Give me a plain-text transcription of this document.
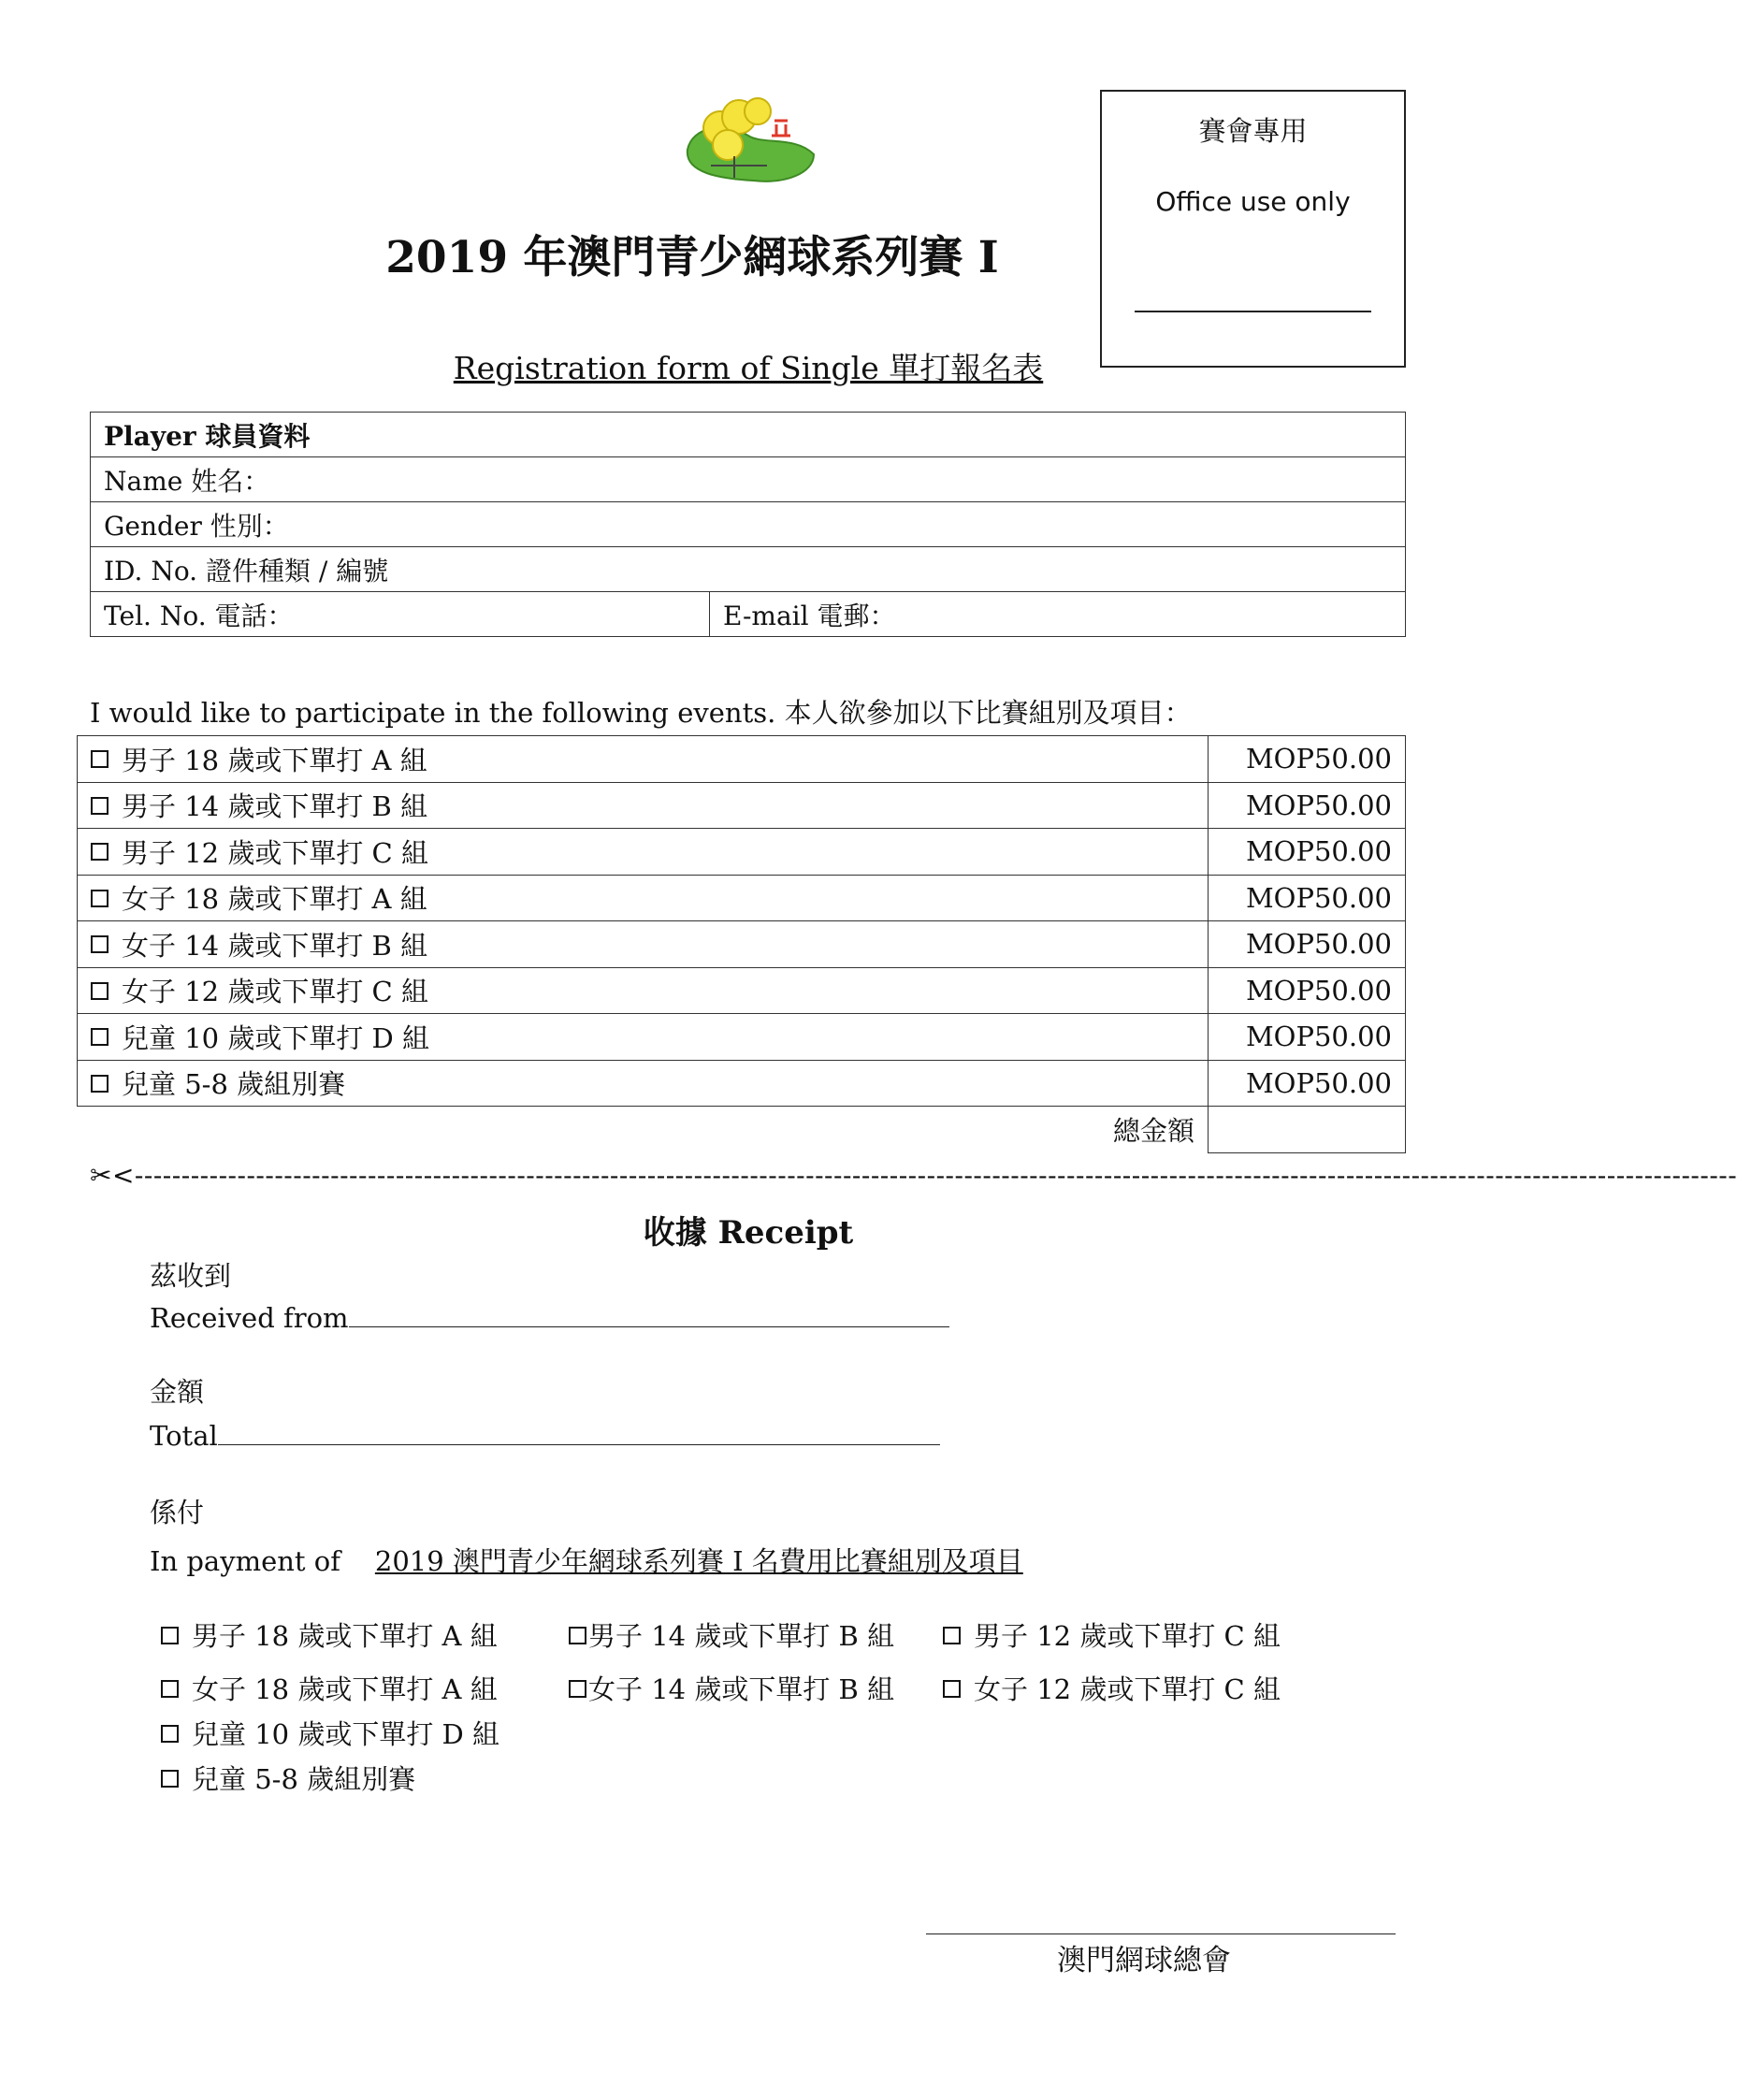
賽會專用
Office use only
2019 年澳門青少網球系列賽 I
Registration form of Single 單打報名表
Player 球員資料
Name 姓名：
Gender 性別：
ID. No. 證件種類 / 編號
Tel. No. 電話：	E-mail 電郵：
I would like to participate in the following events. 本人欲參加以下比賽組別及項目：
男子 18 歲或下單打 A 組	MOP50.00
男子 14 歲或下單打 B 組	MOP50.00
男子 12 歲或下單打 C 組	MOP50.00
女子 18 歲或下單打 A 組	MOP50.00
女子 14 歲或下單打 B 組	MOP50.00
女子 12 歲或下單打 C 組	MOP50.00
兒童 10 歲或下單打 D 組	MOP50.00
兒童 5-8 歲組別賽	MOP50.00
總金額	
✂<----------------------------------------------------------------------------------------------------------------------------------------------------------------------------
收據 Receipt
茲收到
Received from
金額
Total
係付
In payment of 2019 澳門青少年網球系列賽 I 名費用比賽組別及項目
男子 18 歲或下單打 A 組	男子 14 歲或下單打 B 組	男子 12 歲或下單打 C 組
女子 18 歲或下單打 A 組	女子 14 歲或下單打 B 組	女子 12 歲或下單打 C 組
兒童 10 歲或下單打 D 組
兒童 5-8 歲組別賽
澳門網球總會
